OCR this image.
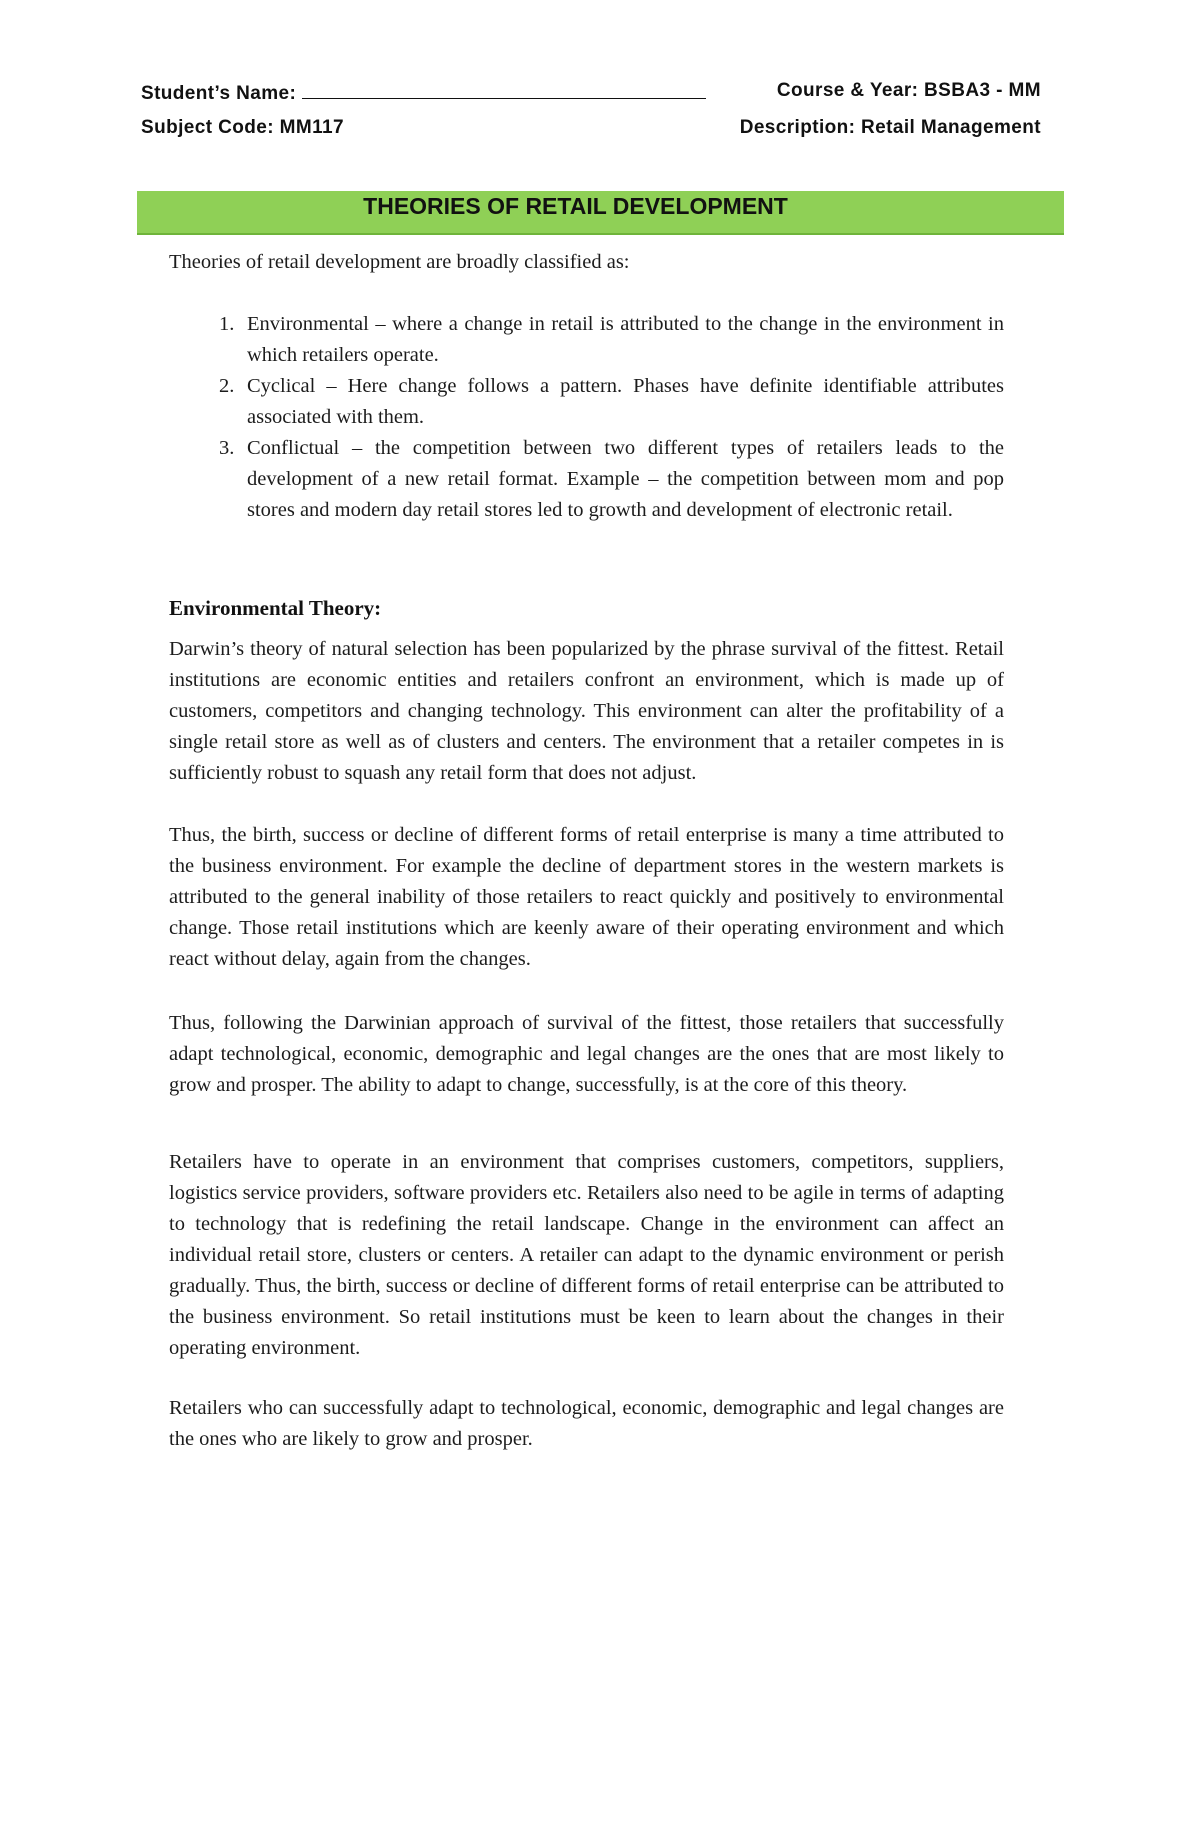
Student’s Name:	Course & Year: BSBA3 - MM
Subject Code: MM117	Description: Retail Management
THEORIES OF RETAIL DEVELOPMENT
Theories of retail development are broadly classified as:
1. Environmental – where a change in retail is attributed to the change in the environment in which retailers operate.
2. Cyclical – Here change follows a pattern. Phases have definite identifiable attributes associated with them.
3. Conflictual – the competition between two different types of retailers leads to the development of a new retail format. Example – the competition between mom and pop stores and modern day retail stores led to growth and development of electronic retail.
Environmental Theory:

Darwin’s theory of natural selection has been popularized by the phrase survival of the fittest. Retail institutions are economic entities and retailers confront an environment, which is made up of customers, competitors and changing technology. This environment can alter the profitability of a single retail store as well as of clusters and centers. The environment that a retailer competes in is sufficiently robust to squash any retail form that does not adjust.

Thus, the birth, success or decline of different forms of retail enterprise is many a time attributed to the business environment. For example the decline of department stores in the western markets is attributed to the general inability of those retailers to react quickly and positively to environmental change. Those retail institutions which are keenly aware of their operating environment and which react without delay, again from the changes.

Thus, following the Darwinian approach of survival of the fittest, those retailers that successfully adapt technological, economic, demographic and legal changes are the ones that are most likely to grow and prosper. The ability to adapt to change, successfully, is at the core of this theory.

Retailers have to operate in an environment that comprises customers, competitors, suppliers, logistics service providers, software providers etc. Retailers also need to be agile in terms of adapting to technology that is redefining the retail landscape. Change in the environment can affect an individual retail store, clusters or centers. A retailer can adapt to the dynamic environment or perish gradually. Thus, the birth, success or decline of different forms of retail enterprise can be attributed to the business environment. So retail institutions must be keen to learn about the changes in their operating environment.

Retailers who can successfully adapt to technological, economic, demographic and legal changes are the ones who are likely to grow and prosper.
